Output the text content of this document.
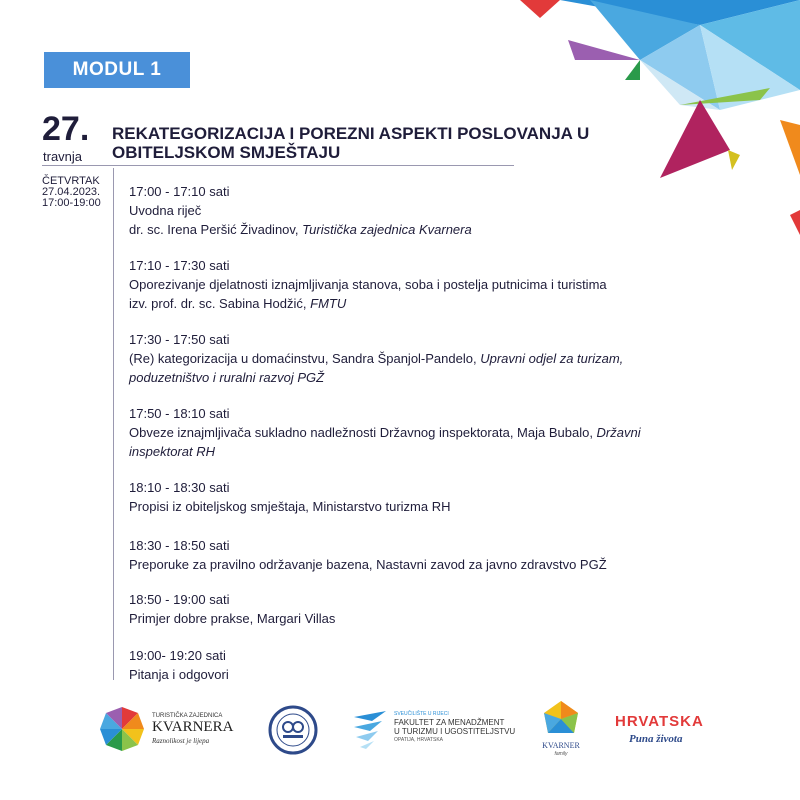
MODUL 1
27.
travnja
REKATEGORIZACIJA I POREZNI ASPEKTI POSLOVANJA U OBITELJSKOM SMJEŠTAJU
ČETVRTAK
27.04.2023.
17:00-19:00
17:00 - 17:10 sati
Uvodna riječ
dr. sc. Irena Peršić Živadinov, Turistička zajednica Kvarnera
17:10 - 17:30 sati
Oporezivanje djelatnosti iznajmljivanja stanova, soba i postelja putnicima i turistima
izv. prof. dr. sc. Sabina Hodžić, FMTU
17:30 - 17:50 sati
(Re) kategorizacija u domaćinstvu, Sandra Španjol-Pandelo, Upravni odjel za turizam,
poduzetništvo i ruralni razvoj PGŽ
17:50 - 18:10 sati
Obveze iznajmljivača sukladno nadležnosti Državnog inspektorata, Maja Bubalo, Državni
inspektorat RH
18:10 - 18:30 sati
Propisi iz obiteljskog smještaja, Ministarstvo turizma RH
18:30 - 18:50 sati
Preporuke za pravilno održavanje bazena, Nastavni zavod za javno zdravstvo PGŽ
18:50 - 19:00 sati
Primjer dobre prakse, Margari Villas
19:00- 19:20 sati
Pitanja i odgovori
TURISTIČKA ZAJEDNICA
KVARNERA
Raznolikost je lijepa
SVEUČILIŠTE U RIJECI
FAKULTET ZA MENADŽMENT
U TURIZMU I UGOSTITELJSTVU
OPATIJA, HRVATSKA
KVARNER
family
HRVATSKA
Puna života
